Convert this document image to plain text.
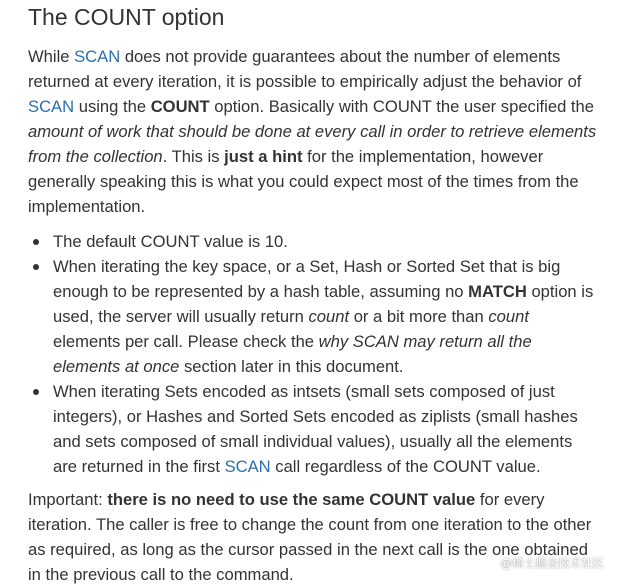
The COUNT option

While SCAN does not provide guarantees about the number of elements returned at every iteration, it is possible to empirically adjust the behavior of SCAN using the COUNT option. Basically with COUNT the user specified the amount of work that should be done at every call in order to retrieve elements from the collection. This is just a hint for the implementation, however generally speaking this is what you could expect most of the times from the implementation.

The default COUNT value is 10.
When iterating the key space, or a Set, Hash or Sorted Set that is big enough to be represented by a hash table, assuming no MATCH option is used, the server will usually return count or a bit more than count elements per call. Please check the why SCAN may return all the elements at once section later in this document.
When iterating Sets encoded as intsets (small sets composed of just integers), or Hashes and Sorted Sets encoded as ziplists (small hashes and sets composed of small individual values), usually all the elements are returned in the first SCAN call regardless of the COUNT value.

Important: there is no need to use the same COUNT value for every iteration. The caller is free to change the count from one iteration to the other as required, as long as the cursor passed in the next call is the one obtained in the previous call to the command.

@稀土掘金技术社区
